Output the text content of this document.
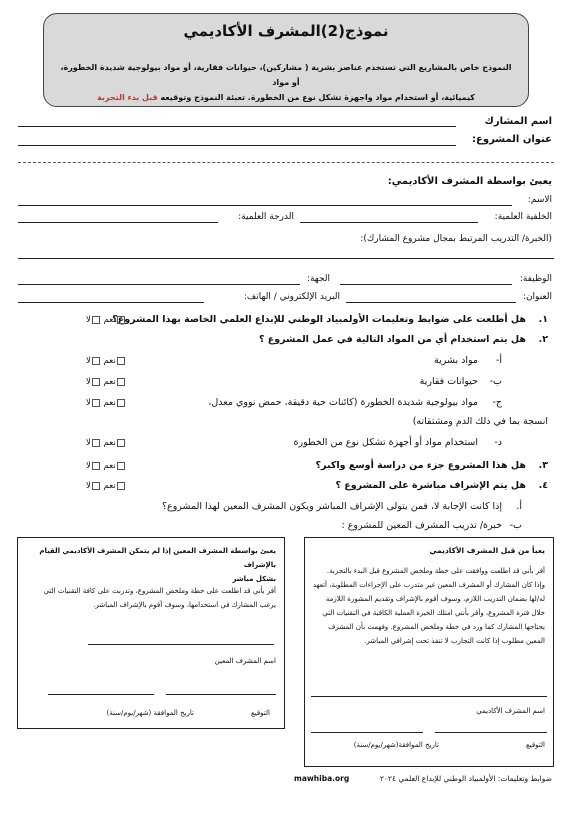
نموذج(2)المشرف الأكاديمي
النموذج خاص بالمشاريع التي تستخدم عناصر بشرية ( مشاركين)، حيوانات فقارية، أو مواد بيولوجية شديدة الخطورة، أو مواد
كيميائية، أو استخدام مواد واجهزة تشكل نوع من الخطورة. تعبئة النموذج وتوقيعه قبل بدء التجربة
اسم المشارك
عنوان المشروع:
يعبئ بواسطة المشرف الأكاديمي:
الاسم:
الخلفية العلمية:
الدرجة العلمية:
(الخبرة/ التدريب المرتبط بمجال مشروع المشارك):
الوظيفة:
الجهة:
العنوان:
البريد الإلكتروني / الهاتف:
١.
هل أطلعت على ضوابط وتعليمات الأولمبياد الوطني للإبداع العلمي الخاصة بهذا المشروع؟
نعم لا
٢.
هل يتم استخدام أي من المواد التالية في عمل المشروع ؟
أ-
مواد بشرية
نعم لا
ب-
حيوانات فقارية
نعم لا
ج-
مواد بيولوجية شديدة الخطورة (كائنات حية دقيقة، حمض نووي معدل،
انسجة بما في ذلك الدم ومشتقاته)
نعم لا
د-
استخدام مواد أو أجهزة تشكل نوع من الخطورة
نعم لا
٣.
هل هذا المشروع جزء من دراسة أوسع واكبر؟
نعم لا
٤.
هل يتم الإشراف مباشرة على المشروع ؟
نعم لا
أ.
إذا كانت الإجابة لا، فمن يتولى الإشراف المباشر ويكون المشرف المعين لهذا المشروع؟
ب-
خبرة/ تدريب المشرف المعين للمشروع :
يعبأ من قبل المشرف الأكاديمي
أقر بأني قد اطلعت ووافقت على خطة وملخص المشروع قبل البدء بالتجربة.
وإذا كان المشارك أو المشرف المعين غير متدرب على الإجراءات المطلوبة، أتعهد
له/لها بضمان التدريب اللازم، وسوف أقوم بالإشراف وتقديم المشورة اللازمة
خلال فترة المشروع، وأقر بأنني امتلك الخبرة العملية الكافية في التقنيات التي
يحتاجها المشارك كما ورد في خطة وملخص المشروع. وفهمت بأن المشرف
المعين مطلوب إذا كانت التجارب لا تنفذ تحت إشرافي المباشر.
اسم المشرف الأكاديمي
التوقيع
تاريخ الموافقة(شهر/يوم/سنة)
يعبئ بواسطة المشرف المعين إذا لم يتمكن المشرف الأكاديمي القيام بالإشراف
بشكل مباشر
أقر بأني قد اطلعت على خطة وملخص المشروع، وتدربت على كافة التقنيات التي
يرغب المشارك في استخدامها، وسوف أقوم بالإشراف المباشر.
اسم المشرف المعين
التوقيع
تاريخ الموافقة (شهر/يوم/سنة)
ضوابط وتعليمات: الأولمبياد الوطني للإبداع العلمي ٢٠٢٤
mawhiba.org
